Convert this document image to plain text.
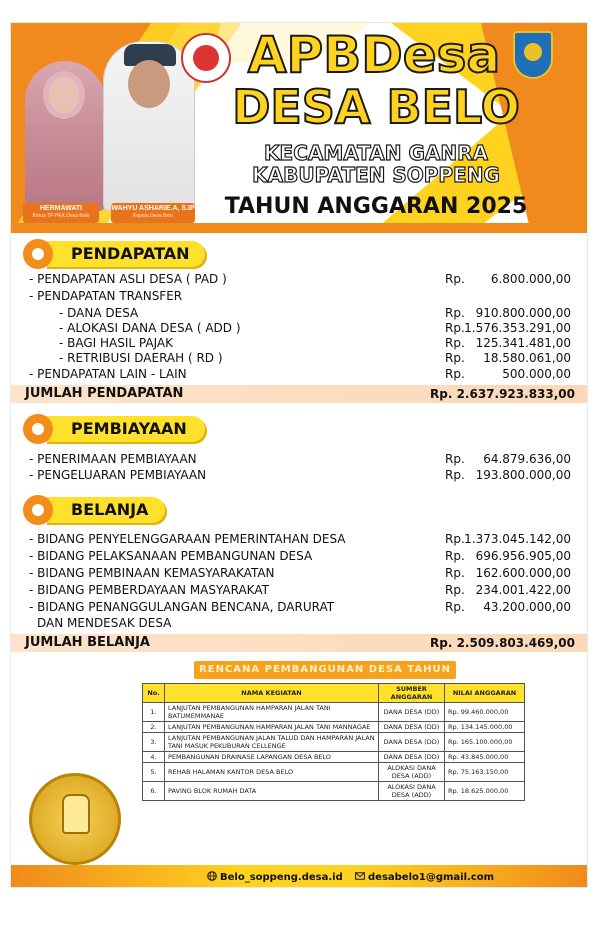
HERMAWATI
Ketua TP-PKK Desa Belo
WAHYU ASHARIE.A, S.IP
Kepala Desa Belo
APBDesa
DESA BELO
KECAMATAN GANRA
KABUPATEN SOPPENG
TAHUN ANGGARAN 2025
PENDAPATAN
- PENDAPATAN ASLI DESA ( PAD )	Rp. 6.800.000,00
- PENDAPATAN TRANSFER
- DANA DESA	Rp. 910.800.000,00
- ALOKASI DANA DESA ( ADD )	Rp. 1.576.353.291,00
- BAGI HASIL PAJAK	Rp. 125.341.481,00
- RETRIBUSI DAERAH ( RD )	Rp. 18.580.061,00
- PENDAPATAN LAIN - LAIN	Rp.	500.000,00
JUMLAH PENDAPATAN	Rp. 2.637.923.833,00
PEMBIAYAAN
- PENERIMAAN PEMBIAYAAN	Rp. 64.879.636,00
- PENGELUARAN PEMBIAYAAN	Rp. 193.800.000,00
BELANJA
- BIDANG PENYELENGGARAAN PEMERINTAHAN DESA	Rp. 1.373.045.142,00
- BIDANG PELAKSANAAN PEMBANGUNAN DESA	Rp. 696.956.905,00
- BIDANG PEMBINAAN KEMASYARAKATAN	Rp. 162.600.000,00
- BIDANG PEMBERDAYAAN MASYARAKAT	Rp. 234.001.422,00
- BIDANG PENANGGULANGAN BENCANA, DARURAT	Rp. 43.200.000,00
DAN MENDESAK DESA
JUMLAH BELANJA	Rp. 2.509.803.469,00
RENCANA PEMBANGUNAN DESA TAHUN
No.	NAMA KEGIATAN	SUMBER ANGGARAN	NILAI ANGGARAN
1.	LANJUTAN PEMBANGUNAN HAMPARAN JALAN TANI BATUMEMMANAE	DANA DESA (DD)	Rp. 99.460.000,00
2.	LANJUTAN PEMBANGUNAN HAMPARAN JALAN TANI MANNAGAE	DANA DESA (DD)	Rp. 134.145.000,00
3.	LANJUTAN PEMBANGUNAN JALAN TALUD DAN HAMPARAN JALAN TANI MASUK PEKUBURAN CELLENGE	DANA DESA (DD)	Rp. 165.100.000,00
4.	PEMBANGUNAN DRAINASE LAPANGAN DESA BELO	DANA DESA (DD)	Rp. 43.845.000,00
5.	REHAB HALAMAN KANTOR DESA BELO	ALOKASI DANA DESA (ADD)	Rp. 75.163.150,00
6.	PAVING BLOK RUMAH DATA	ALOKASI DANA DESA (ADD)	Rp. 18.625.000,00
Belo_soppeng.desa.id	desabelo1@gmail.com
